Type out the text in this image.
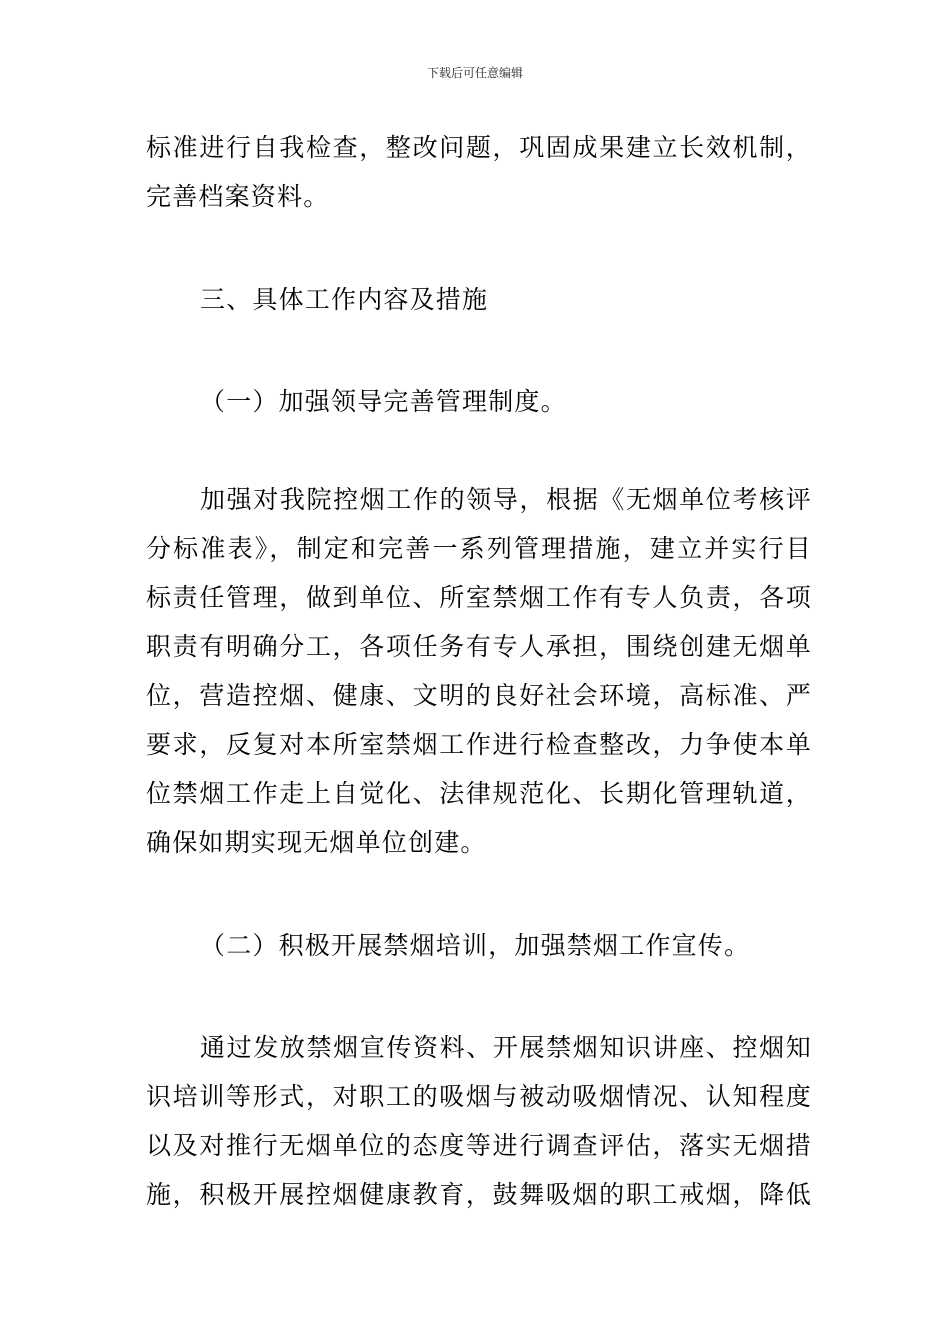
下载后可任意编辑
标准进行自我检查，整改问题，巩固成果建立长效机制，
完善档案资料。
三、具体工作内容及措施
（一）加强领导完善管理制度。
加强对我院控烟工作的领导，根据《无烟单位考核评
分标准表》，制定和完善一系列管理措施，建立并实行目
标责任管理，做到单位、所室禁烟工作有专人负责，各项
职责有明确分工，各项任务有专人承担，围绕创建无烟单
位，营造控烟、健康、文明的良好社会环境，高标准、严
要求，反复对本所室禁烟工作进行检查整改，力争使本单
位禁烟工作走上自觉化、法律规范化、长期化管理轨道，
确保如期实现无烟单位创建。
（二）积极开展禁烟培训，加强禁烟工作宣传。
通过发放禁烟宣传资料、开展禁烟知识讲座、控烟知
识培训等形式，对职工的吸烟与被动吸烟情况、认知程度
以及对推行无烟单位的态度等进行调查评估，落实无烟措
施，积极开展控烟健康教育，鼓舞吸烟的职工戒烟，降低
